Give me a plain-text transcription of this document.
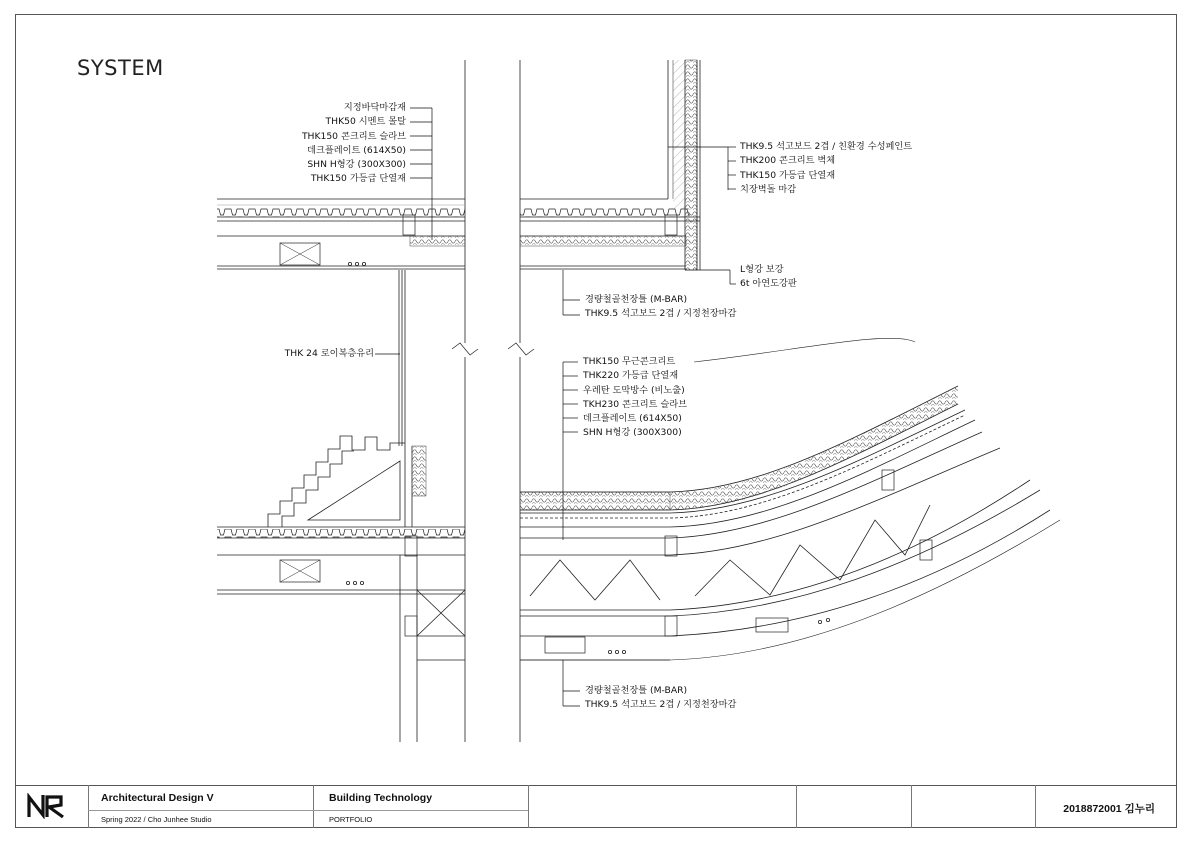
SYSTEM
지정바닥마감재
THK50 시멘트 몰탈
THK150 콘크리트 슬라브
데크플레이트 (614X50)
SHN H형강 (300X300)
THK150 가등급 단열재
THK9.5 석고보드 2겹 / 친환경 수성페인트
THK200 콘크리트 벽체
THK150 가등급 단열재
치장벽돌 마감
L형강 보강
6t 아연도강판
경량철골천장틀 (M-BAR)
THK9.5 석고보드 2겹 / 지정천장마감
THK 24 로이복층유리
THK150 무근콘크리트
THK220 가등급 단열재
우레탄 도막방수 (비노출)
TKH230 콘크리트 슬라브
데크플레이트 (614X50)
SHN H형강 (300X300)
경량철골천장틀 (M-BAR)
THK9.5 석고보드 2겹 / 지정천장마감
Architectural Design V
Spring 2022 / Cho Junhee Studio
Building Technology
PORTFOLIO
2018872001 김누리
